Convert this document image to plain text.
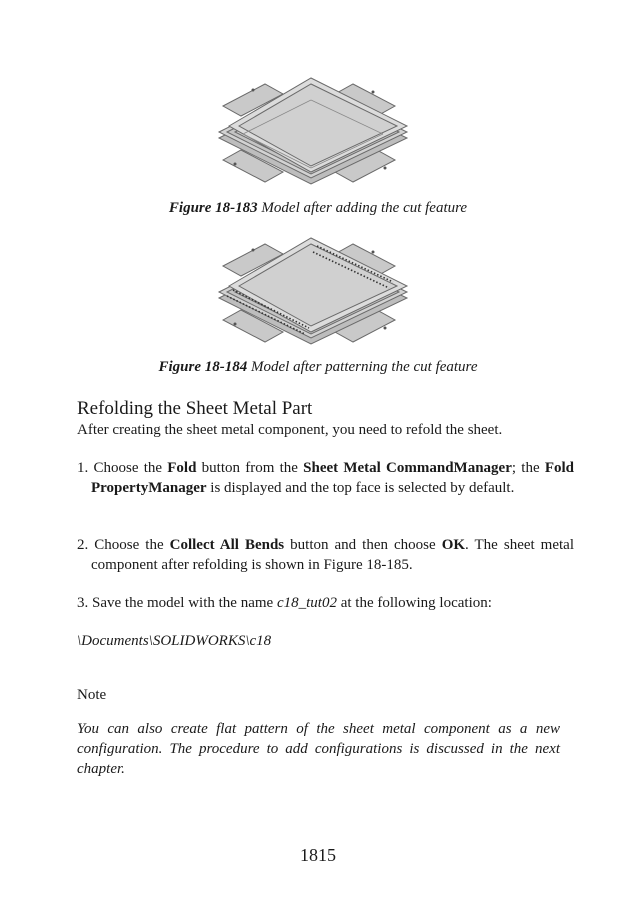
Figure 18-183 Model after adding the cut feature
Figure 18-184 Model after patterning the cut feature
Refolding the Sheet Metal Part
After creating the sheet metal component, you need to refold the sheet.
1. Choose the Fold button from the Sheet Metal CommandManager; the Fold PropertyManager is displayed and the top face is selected by default.
2. Choose the Collect All Bends button and then choose OK. The sheet metal component after refolding is shown in Figure 18-185.
3. Save the model with the name c18_tut02 at the following location:
\Documents\SOLIDWORKS\c18
Note
You can also create flat pattern of the sheet metal component as a new configuration. The procedure to add configurations is discussed in the next chapter.
1815
